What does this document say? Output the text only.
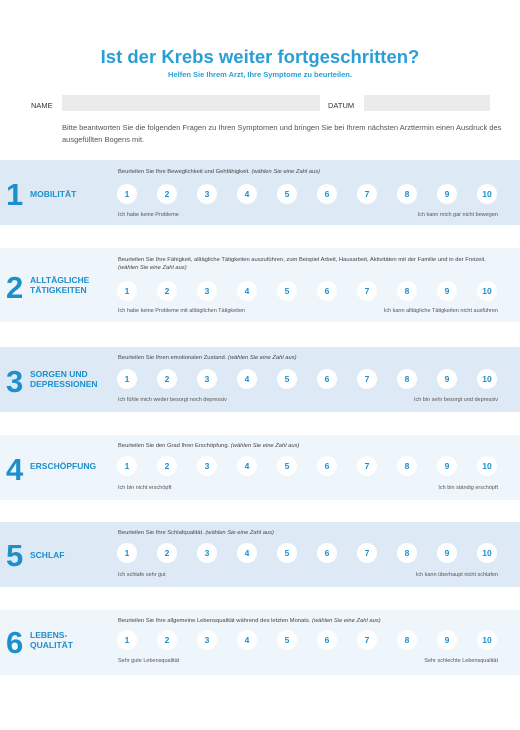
Ist der Krebs weiter fortgeschritten?
Helfen Sie Ihrem Arzt, Ihre Symptome zu beurteilen.
NAME	DATUM
Bitte beantworten Sie die folgenden Fragen zu Ihren Symptomen und bringen Sie bei Ihrem nächsten Arzttermin einen Ausdruck des ausgefüllten Bogens mit.
1 MOBILITÄT
Beurteilen Sie Ihre Beweglichkeit und Gehfähigkeit. (wählen Sie eine Zahl aus)
1	2	3	4	5	6	7	8	9	10
Ich habe keine Probleme	Ich kann mich gar nicht bewegen
2 ALLTÄGLICHE TÄTIGKEITEN
Beurteilen Sie Ihre Fähigkeit, alltägliche Tätigkeiten auszuführen, zum Beispiel Arbeit, Hausarbeit, Aktivitäten mit der Familie und in der Freizeit. (wählen Sie eine Zahl aus)
1	2	3	4	5	6	7	8	9	10
Ich habe keine Probleme mit alltäglichen Tätigkeiten	Ich kann alltägliche Tätigkeiten nicht ausführen
3 SORGEN UND DEPRESSIONEN
Beurteilen Sie Ihren emotionalen Zustand. (wählen Sie eine Zahl aus)
1	2	3	4	5	6	7	8	9	10
Ich fühle mich weder besorgt noch depressiv	Ich bin sehr besorgt und depressiv
4 ERSCHÖPFUNG
Beurteilen Sie den Grad Ihrer Erschöpfung. (wählen Sie eine Zahl aus)
1	2	3	4	5	6	7	8	9	10
Ich bin nicht erschöpft	Ich bin ständig erschöpft
5 SCHLAF
Beurteilen Sie Ihre Schlafqualität. (wählen Sie eine Zahl aus)
1	2	3	4	5	6	7	8	9	10
Ich schlafe sehr gut	Ich kann überhaupt nicht schlafen
6 LEBENS-QUALITÄT
Beurteilen Sie Ihre allgemeine Lebensqualität während des letzten Monats. (wählen Sie eine Zahl aus)
1	2	3	4	5	6	7	8	9	10
Sehr gute Lebensqualität	Sehr schlechte Lebensqualität
